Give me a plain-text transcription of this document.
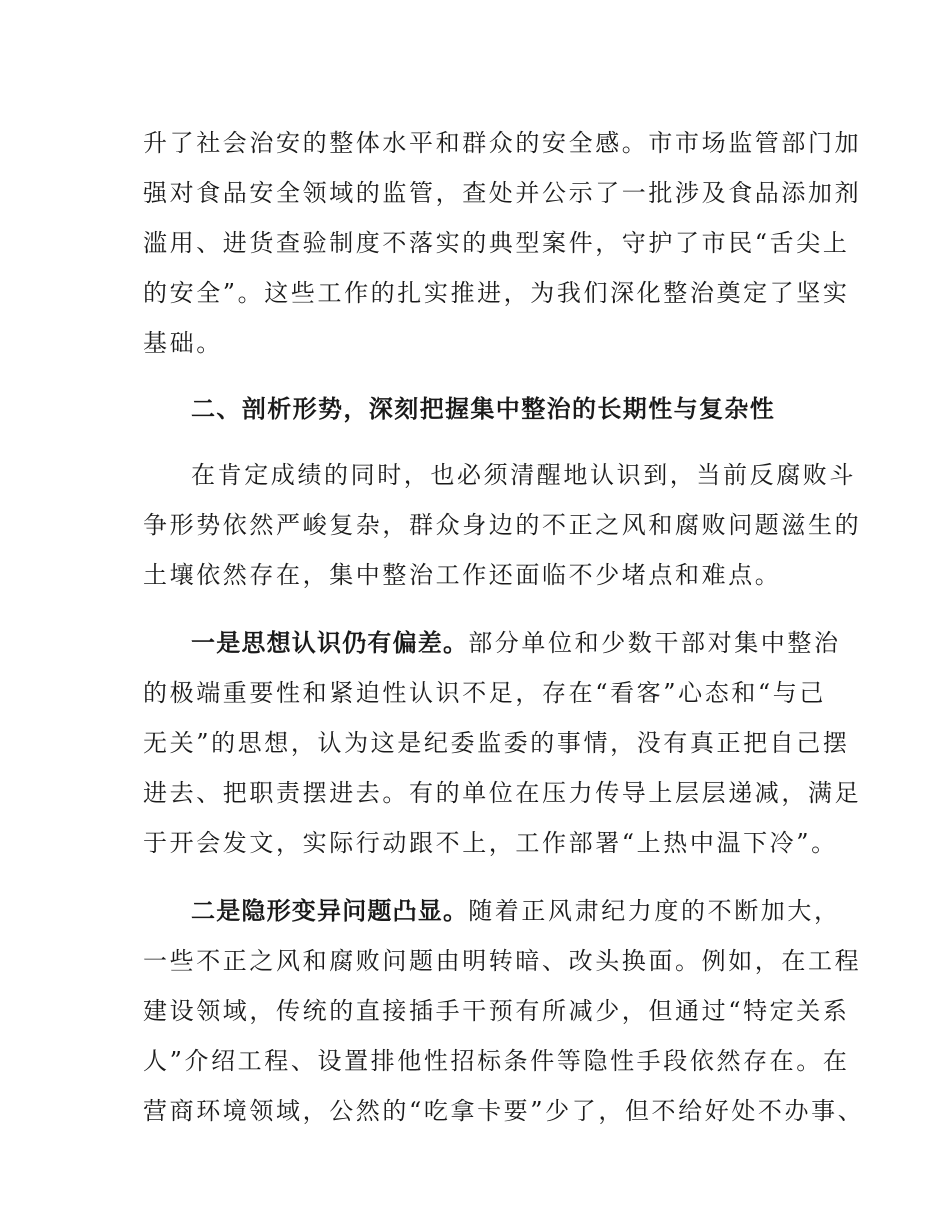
升了社会治安的整体水平和群众的安全感。市市场监管部门加
强对食品安全领域的监管，查处并公示了一批涉及食品添加剂
滥用、进货查验制度不落实的典型案件，守护了市民“舌尖上
的安全”。这些工作的扎实推进，为我们深化整治奠定了坚实
基础。
二、剖析形势，深刻把握集中整治的长期性与复杂性
在肯定成绩的同时，也必须清醒地认识到，当前反腐败斗
争形势依然严峻复杂，群众身边的不正之风和腐败问题滋生的
土壤依然存在，集中整治工作还面临不少堵点和难点。
一是思想认识仍有偏差。部分单位和少数干部对集中整治
的极端重要性和紧迫性认识不足，存在“看客”心态和“与己
无关”的思想，认为这是纪委监委的事情，没有真正把自己摆
进去、把职责摆进去。有的单位在压力传导上层层递减，满足
于开会发文，实际行动跟不上，工作部署“上热中温下冷”。
二是隐形变异问题凸显。随着正风肃纪力度的不断加大，
一些不正之风和腐败问题由明转暗、改头换面。例如，在工程
建设领域，传统的直接插手干预有所减少，但通过“特定关系
人”介绍工程、设置排他性招标条件等隐性手段依然存在。在
营商环境领域，公然的“吃拿卡要”少了，但不给好处不办事、
